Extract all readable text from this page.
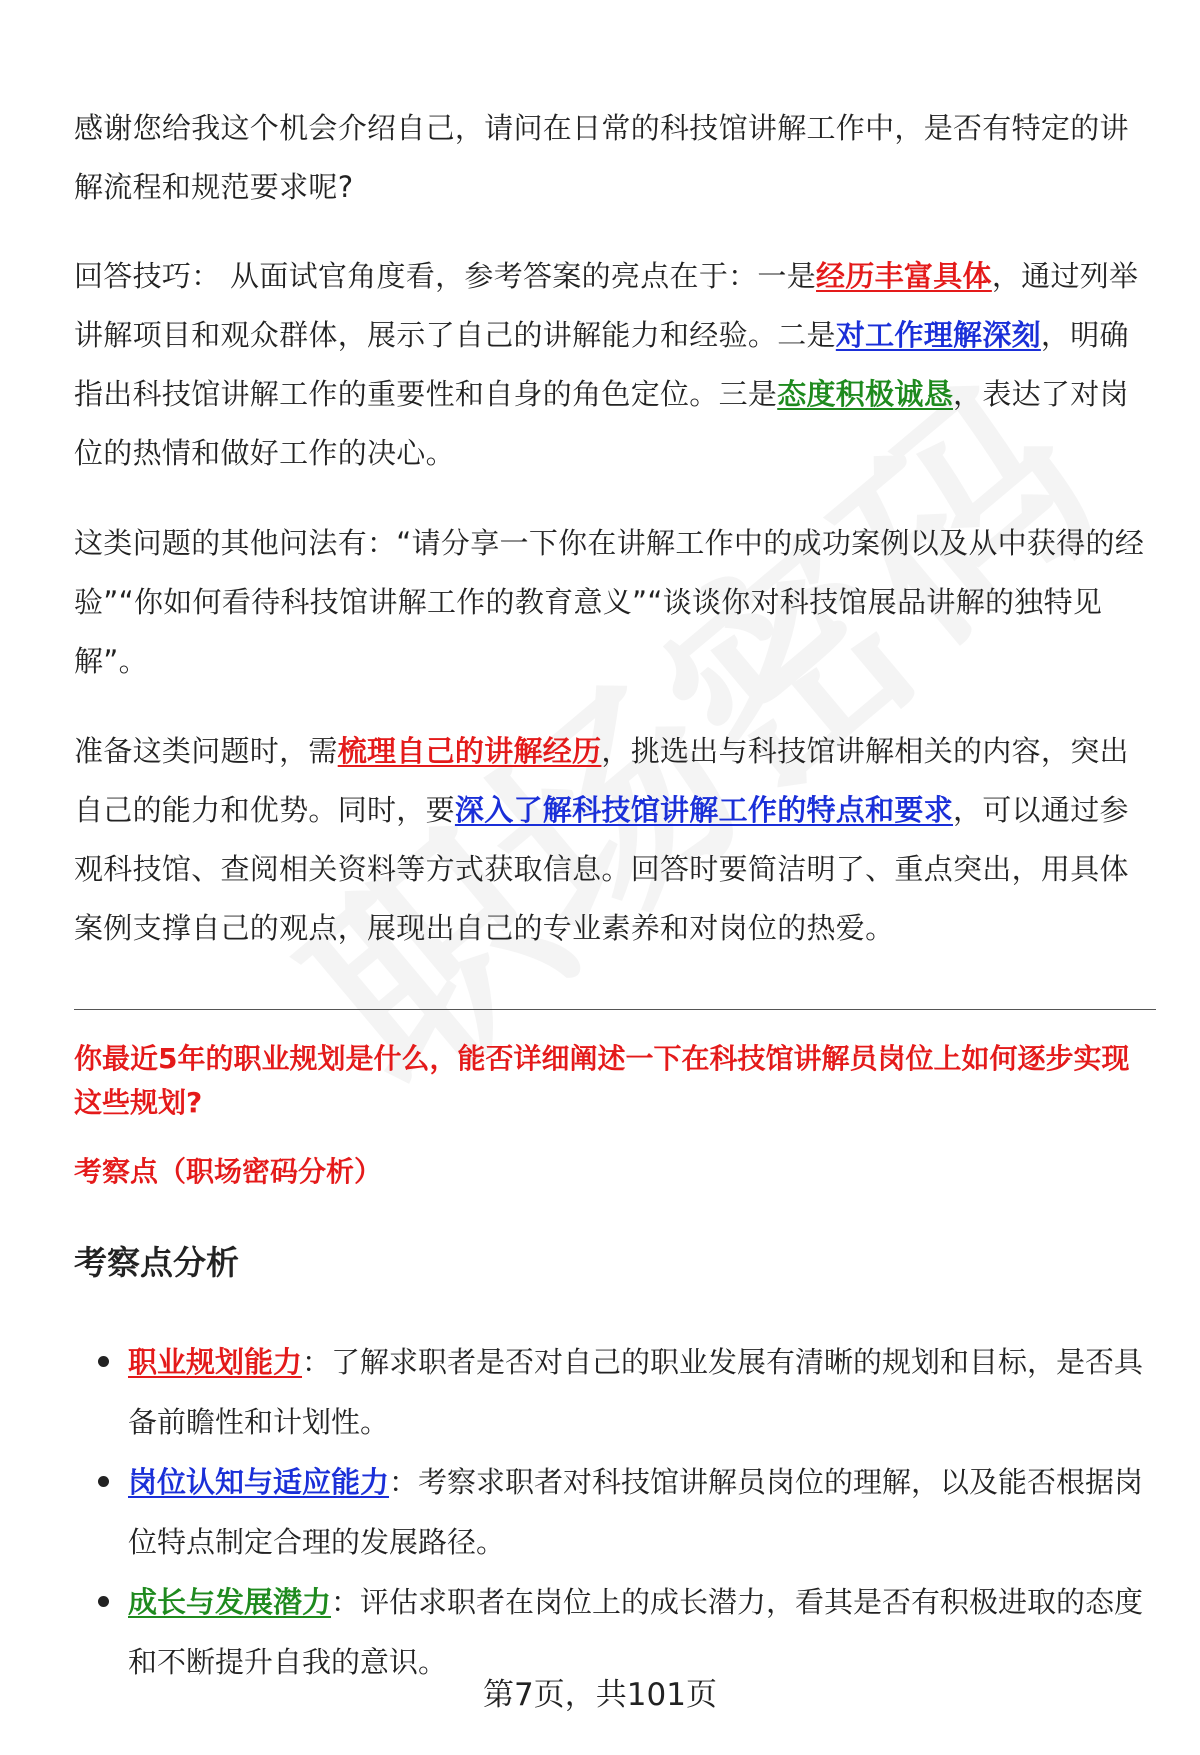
感谢您给我这个机会介绍自己，请问在日常的科技馆讲解工作中，是否有特定的讲解流程和规范要求呢?

回答技巧： 从面试官角度看，参考答案的亮点在于：一是经历丰富具体，通过列举讲解项目和观众群体，展示了自己的讲解能力和经验。二是对工作理解深刻，明确指出科技馆讲解工作的重要性和自身的角色定位。三是态度积极诚恳，表达了对岗位的热情和做好工作的决心。

这类问题的其他问法有：“请分享一下你在讲解工作中的成功案例以及从中获得的经验”“你如何看待科技馆讲解工作的教育意义”“谈谈你对科技馆展品讲解的独特见解”。

准备这类问题时，需梳理自己的讲解经历，挑选出与科技馆讲解相关的内容，突出自己的能力和优势。同时，要深入了解科技馆讲解工作的特点和要求，可以通过参观科技馆、查阅相关资料等方式获取信息。回答时要简洁明了、重点突出，用具体案例支撑自己的观点，展现出自己的专业素养和对岗位的热爱。

你最近5年的职业规划是什么，能否详细阐述一下在科技馆讲解员岗位上如何逐步实现这些规划?

考察点（职场密码分析）

考察点分析
职业规划能力：了解求职者是否对自己的职业发展有清晰的规划和目标，是否具备前瞻性和计划性。
岗位认知与适应能力：考察求职者对科技馆讲解员岗位的理解，以及能否根据岗位特点制定合理的发展路径。
成长与发展潜力：评估求职者在岗位上的成长潜力，看其是否有积极进取的态度和不断提升自我的意识。
第7页，共101页
